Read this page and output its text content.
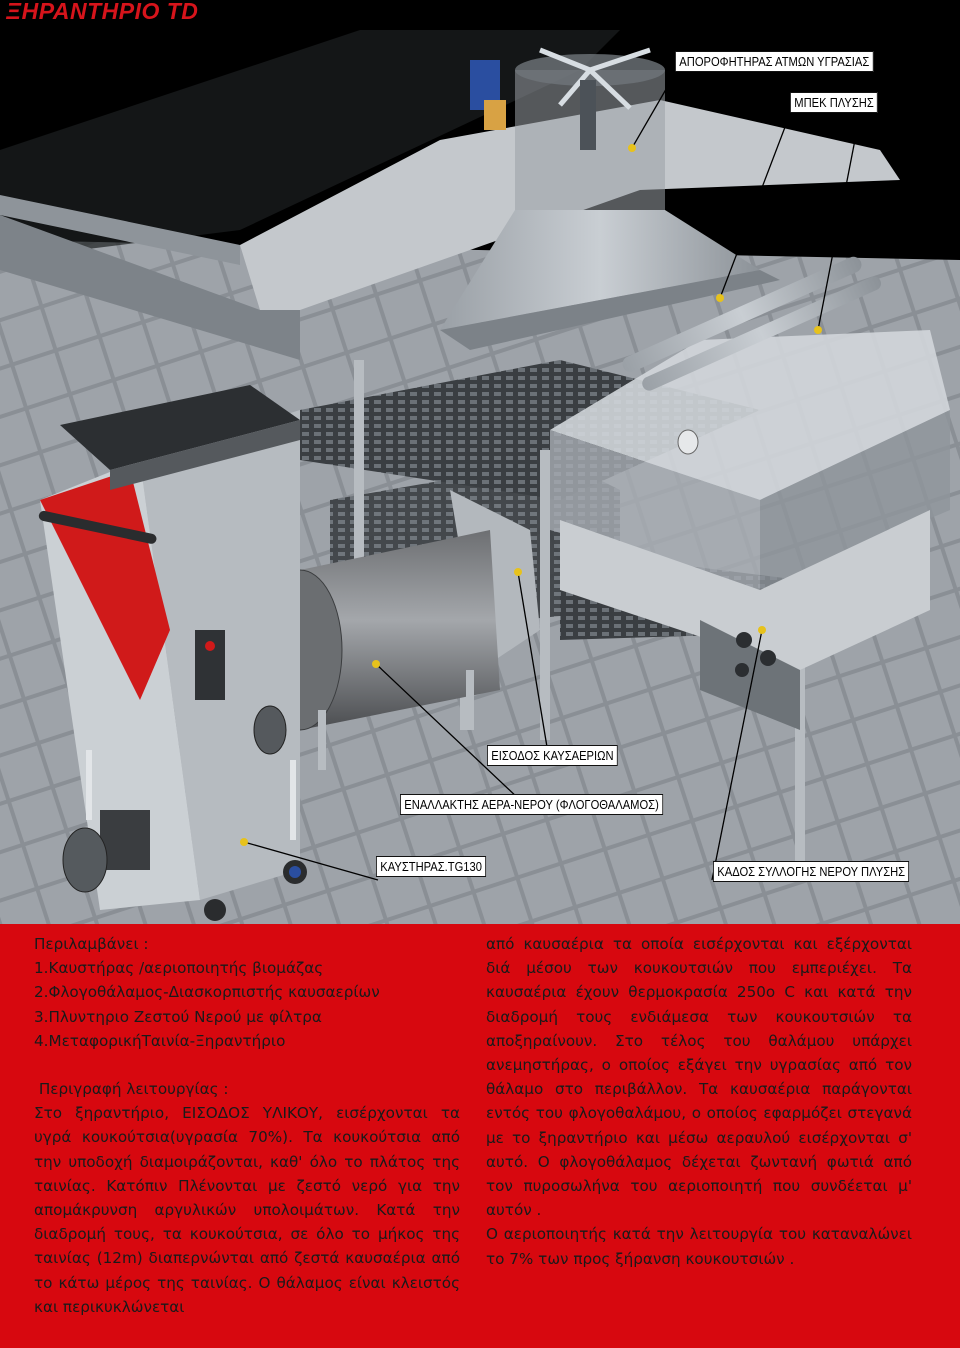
ΞΗΡΑΝΤΗΡΙΟ TD
ΑΠΟΡΟΦΗΤΗΡΑΣ ΑΤΜΩΝ ΥΓΡΑΣΙΑΣ
ΜΠΕΚ ΠΛΥΣΗΣ
ΕΙΣΟΔΟΣ ΚΑΥΣΑΕΡΙΩΝ
ΕΝΑΛΛΑΚΤΗΣ ΑΕΡΑ-ΝΕΡΟΥ (ΦΛΟΓΟΘΑΛΑΜΟΣ)
ΚΑΥΣΤΗΡΑΣ.TG130	ΚΑΔΟΣ ΣΥΛΛΟΓΗΣ ΝΕΡΟΥ ΠΛΥΣΗΣ

Περιλαμβάνει :

1.Καυστήρας /αεριοποιητής βιομάζας

2.Φλογοθάλαμος-Διασκορπιστής καυσαερίων

3.Πλυντηριο Ζεστού Νερού με φίλτρα

4.ΜεταφορικήΤαινία-Ξηραντήριο

Περιγραφή λειτουργίας :

Στο ξηραντήριο, ΕΙΣΟΔΟΣ ΥΛΙΚΟΥ, εισέρχονται τα υγρά κουκούτσια(υγρασία 70%). Τα κουκούτσια από την υποδοχή διαμοιράζονται, καθ' όλο το πλάτος της ταινίας. Κατόπιν Πλένονται με ζεστό νερό για την απομάκρυνση αργυλικών υπολοιμάτων. Κατά την διαδρομή τους, τα κουκούτσια, σε όλο το μήκος της ταινίας (12m) διαπερνώνται από ζεστά καυσαέρια από το κάτω μέρος της ταινίας. Ο θάλαμος είναι κλειστός και περικυκλώνεται

από καυσαέρια τα οποία εισέρχονται και εξέρχονται διά μέσου των κουκουτσιών που εμπεριέχει. Τα καυσαέρια έχουν θερμοκρασία 250ο C και κατά την διαδρομή τους ενδιάμεσα των κουκουτσιών τα αποξηραίνουν. Στο τέλος του θαλάμου υπάρχει ανεμηστήρας, ο οποίος εξάγει την υγρασίας από τον θάλαμο στο περιβάλλον. Τα καυσαέρια παράγονται εντός του φλογοθαλάμου, ο οποίος εφαρμόζει στεγανά με το ξηραντήριο και μέσω αεραυλού εισέρχονται σ' αυτό. Ο φλογοθάλαμος δέχεται ζωντανή φωτιά από τον πυροσωλήνα του αεριοποιητή που συνδέεται μ' αυτόν .

Ο αεριοποιητής κατά την λειτουργία του καταναλώνει το 7% των προς ξήρανση κουκουτσιών .
